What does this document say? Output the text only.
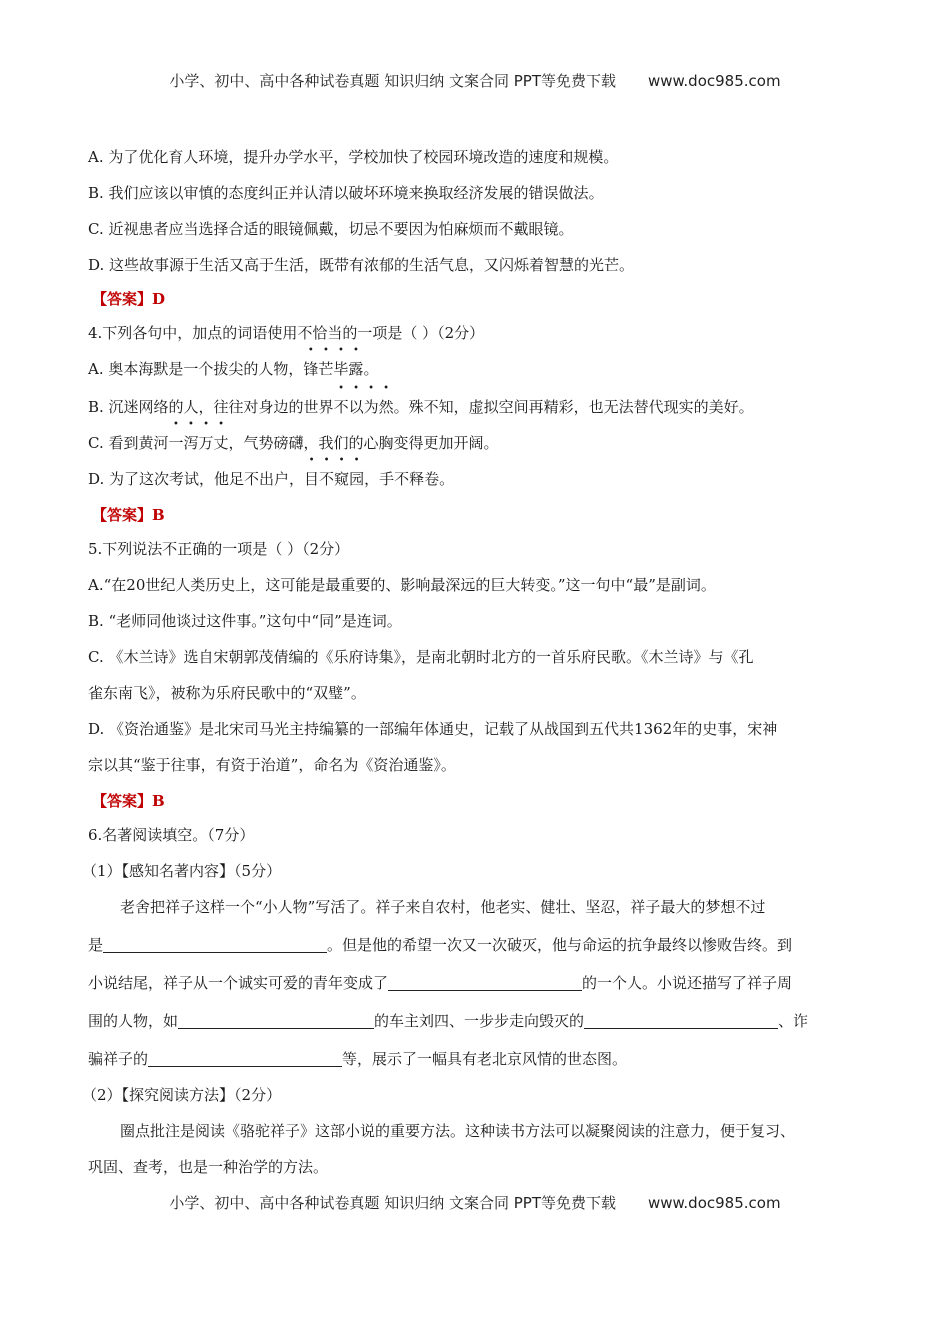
小学、初中、高中各种试卷真题 知识归纳 文案合同 PPT等免费下载 www.doc985.com
A. 为了优化育人环境，提升办学水平，学校加快了校园环境改造的速度和规模。
B. 我们应该以审慎的态度纠正并认清以破坏环境来换取经济发展的错误做法。
C. 近视患者应当选择合适的眼镜佩戴，切忌不要因为怕麻烦而不戴眼镜。
D. 这些故事源于生活又高于生活，既带有浓郁的生活气息，又闪烁着智慧的光芒。
【答案】D
4.下列各句中，加点的词语使用不恰当的一项是（ ）（2分）
A. 奥本海默是一个拔尖的人物，锋芒毕露。
B. 沉迷网络的人，往往对身边的世界不以为然。殊不知，虚拟空间再精彩，也无法替代现实的美好。
C. 看到黄河一泻万丈，气势磅礴，我们的心胸变得更加开阔。
D. 为了这次考试，他足不出户，目不窥园，手不释卷。
【答案】B
5.下列说法不正确的一项是（ ）（2分）
A.“在20世纪人类历史上，这可能是最重要的、影响最深远的巨大转变。”这一句中“最”是副词。
B. “老师同他谈过这件事。”这句中“同”是连词。
C. 《木兰诗》选自宋朝郭茂倩编的《乐府诗集》，是南北朝时北方的一首乐府民歌。《木兰诗》与《孔
雀东南飞》，被称为乐府民歌中的“双璧”。
D. 《资治通鉴》是北宋司马光主持编纂的一部编年体通史，记载了从战国到五代共1362年的史事，宋神
宗以其“鉴于往事，有资于治道”，命名为《资治通鉴》。
【答案】B
6.名著阅读填空。（7分）
（1）【感知名著内容】（5分）
老舍把祥子这样一个“小人物”写活了。祥子来自农村，他老实、健壮、坚忍，祥子最大的梦想不过
是	。但是他的希望一次又一次破灭，他与命运的抗争最终以惨败告终。到
小说结尾，祥子从一个诚实可爱的青年变成了	的一个人。小说还描写了祥子周
围的人物，如	的车主刘四、一步步走向毁灭的	、诈
骗祥子的	等，展示了一幅具有老北京风情的世态图。
（2）【探究阅读方法】（2分）
圈点批注是阅读《骆驼祥子》这部小说的重要方法。这种读书方法可以凝聚阅读的注意力，便于复习、
巩固、查考，也是一种治学的方法。
小学、初中、高中各种试卷真题 知识归纳 文案合同 PPT等免费下载 www.doc985.com
